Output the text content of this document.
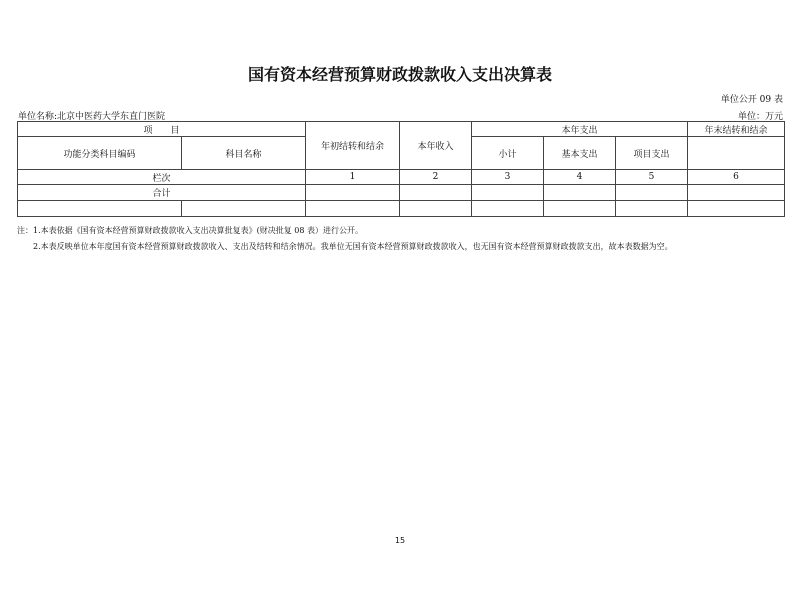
国有资本经营预算财政拨款收入支出决算表
单位公开 09 表
单位名称:北京中医药大学东直门医院	单位：万元
项　　目		年初结转和结余	本年收入	本年支出			年末结转和结余
功能分类科目编码	科目名称			小计	基本支出	项目支出	
栏次		1	2	3	4	5	6
合计							

注：1.本表依据《国有资本经营预算财政拨款收入支出决算批复表》(财决批复 08 表）进行公开。
2.本表反映单位本年度国有资本经营预算财政拨款收入、支出及结转和结余情况。我单位无国有资本经营预算财政拨款收入，也无国有资本经营预算财政拨款支出，故本表数据为空。
15
